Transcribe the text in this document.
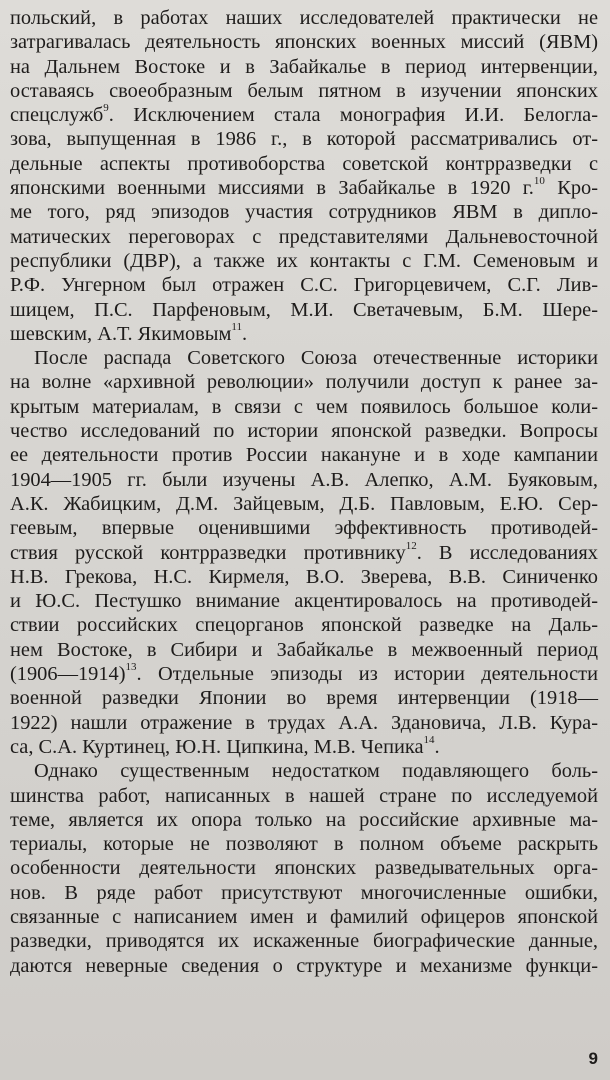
польский, в работах наших исследователей практически не
затрагивалась деятельность японских военных миссий (ЯВМ)
на Дальнем Востоке и в Забайкалье в период интервенции,
оставаясь своеобразным белым пятном в изучении японских
спецслужб$^9$. Исключением стала монография И.И. Белогла-
зова, выпущенная в 1986 г., в которой рассматривались от-
дельные аспекты противоборства советской контрразведки с
японскими военными миссиями в Забайкалье в 1920 г.$^{10}$ Кро-
ме того, ряд эпизодов участия сотрудников ЯВМ в дипло-
матических переговорах с представителями Дальневосточной
республики (ДВР), а также их контакты с Г.М. Семеновым и
Р.Ф. Унгерном был отражен С.С. Григорцевичем, С.Г. Лив-
шицем, П.С. Парфеновым, М.И. Светачевым, Б.М. Шере-
шевским, А.Т. Якимовым$^{11}$.
После распада Советского Союза отечественные историки
на волне «архивной революции» получили доступ к ранее за-
крытым материалам, в связи с чем появилось большое коли-
чество исследований по истории японской разведки. Вопросы
ее деятельности против России накануне и в ходе кампании
1904—1905 гг. были изучены А.В. Алепко, А.М. Буяковым,
А.К. Жабицким, Д.М. Зайцевым, Д.Б. Павловым, Е.Ю. Сер-
геевым, впервые оценившими эффективность противодей-
ствия русской контрразведки противнику$^{12}$. В исследованиях
Н.В. Грекова, Н.С. Кирмеля, В.О. Зверева, В.В. Синиченко
и Ю.С. Пестушко внимание акцентировалось на противодей-
ствии российских спецорганов японской разведке на Даль-
нем Востоке, в Сибири и Забайкалье в межвоенный период
(1906—1914)$^{13}$. Отдельные эпизоды из истории деятельности
военной разведки Японии во время интервенции (1918—
1922) нашли отражение в трудах А.А. Здановича, Л.В. Кура-
са, С.А. Куртинец, Ю.Н. Ципкина, М.В. Чепика$^{14}$.
Однако существенным недостатком подавляющего боль-
шинства работ, написанных в нашей стране по исследуемой
теме, является их опора только на российские архивные ма-
териалы, которые не позволяют в полном объеме раскрыть
особенности деятельности японских разведывательных орга-
нов. В ряде работ присутствуют многочисленные ошибки,
связанные с написанием имен и фамилий офицеров японской
разведки, приводятся их искаженные биографические данные,
даются неверные сведения о структуре и механизме функци-
9
